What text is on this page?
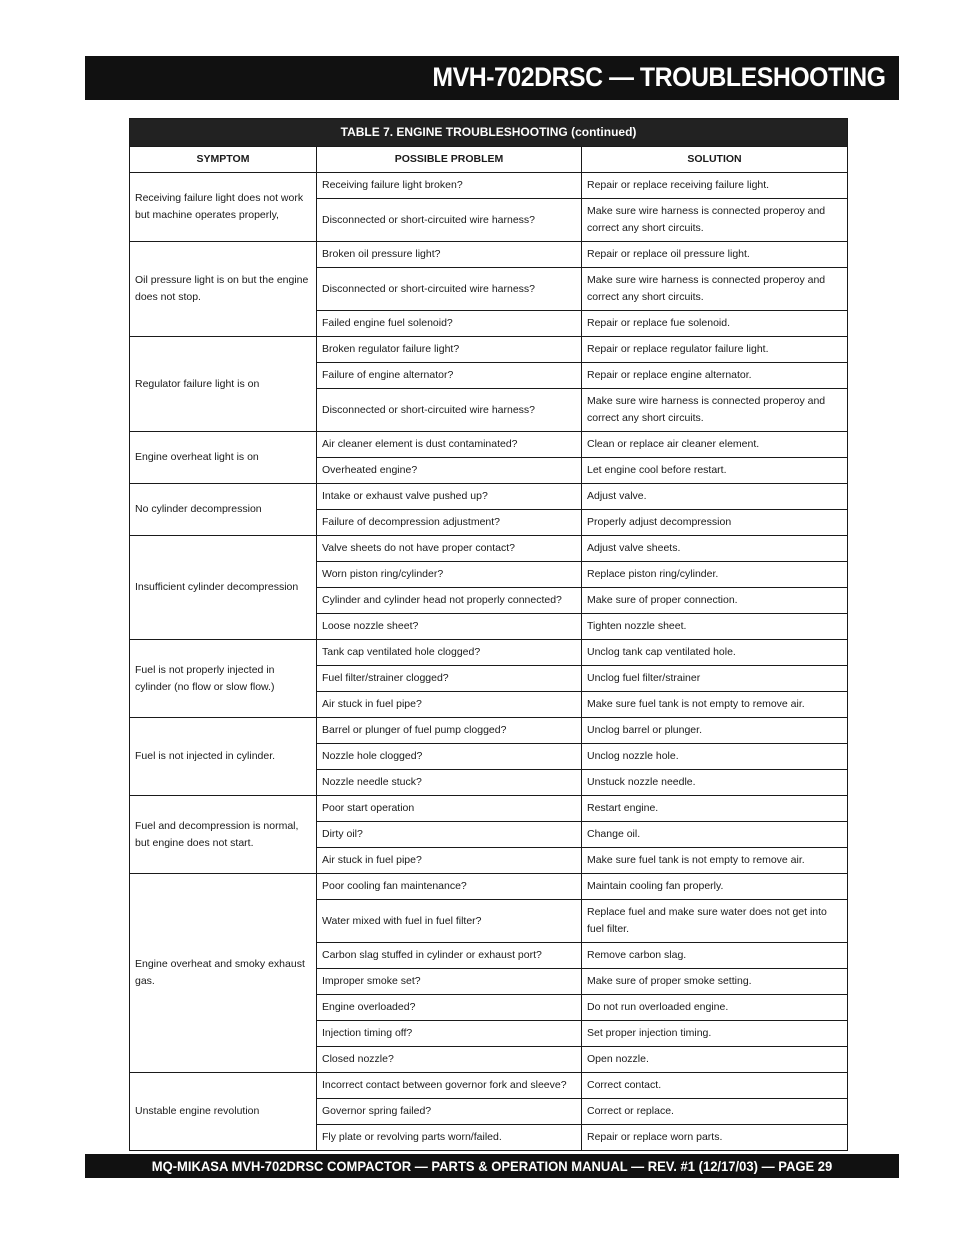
MVH-702DRSC — TROUBLESHOOTING
TABLE 7. ENGINE TROUBLESHOOTING (continued)		
SYMPTOM	POSSIBLE PROBLEM	SOLUTION
Receiving failure light does not work but machine operates properly,	Receiving failure light broken?	Repair or replace receiving failure light.
	Disconnected or short-circuited wire harness?	Make sure wire harness is connected properoy and correct any short circuits.
Oil pressure light is on but the engine does not stop.	Broken oil pressure light?	Repair or replace oil pressure light.
	Disconnected or short-circuited wire harness?	Make sure wire harness is connected properoy and correct any short circuits.
	Failed engine fuel solenoid?	Repair or replace fue solenoid.
Regulator failure light is on	Broken regulator failure light?	Repair or replace regulator failure light.
	Failure of engine alternator?	Repair or replace engine alternator.
	Disconnected or short-circuited wire harness?	Make sure wire harness is connected properoy and correct any short circuits.
Engine overheat light is on	Air cleaner element is dust contaminated?	Clean or replace air cleaner element.
	Overheated engine?	Let engine cool before restart.
No cylinder decompression	Intake or exhaust valve pushed up?	Adjust valve.
	Failure of decompression adjustment?	Properly adjust decompression
Insufficient cylinder decompression	Valve sheets do not have proper contact?	Adjust valve sheets.
	Worn piston ring/cylinder?	Replace piston ring/cylinder.
	Cylinder and cylinder head not properly connected?	Make sure of proper connection.
	Loose nozzle sheet?	Tighten nozzle sheet.
Fuel is not properly injected in cylinder (no flow or slow flow.)	Tank cap ventilated hole clogged?	Unclog tank cap ventilated hole.
	Fuel filter/strainer clogged?	Unclog fuel filter/strainer
	Air stuck in fuel pipe?	Make sure fuel tank is not empty to remove air.
Fuel is not injected in cylinder.	Barrel or plunger of fuel pump clogged?	Unclog barrel or plunger.
	Nozzle hole clogged?	Unclog nozzle hole.
	Nozzle needle stuck?	Unstuck nozzle needle.
Fuel and decompression is normal, but engine does not start.	Poor start operation	Restart engine.
	Dirty oil?	Change oil.
	Air stuck in fuel pipe?	Make sure fuel tank is not empty to remove air.
Engine overheat and smoky exhaust gas.	Poor cooling fan maintenance?	Maintain cooling fan properly.
	Water mixed with fuel in fuel filter?	Replace fuel and make sure water does not get into fuel filter.
	Carbon slag stuffed in cylinder or exhaust port?	Remove carbon slag.
	Improper smoke set?	Make sure of proper smoke setting.
	Engine overloaded?	Do not run overloaded engine.
	Injection timing off?	Set proper injection timing.
	Closed nozzle?	Open nozzle.
Unstable engine revolution	Incorrect contact between governor fork and sleeve?	Correct contact.
	Governor spring failed?	Correct or replace.
	Fly plate or revolving parts worn/failed.	Repair or replace worn parts.
MQ-MIKASA MVH-702DRSC COMPACTOR — PARTS & OPERATION MANUAL — REV. #1 (12/17/03) — PAGE 29
